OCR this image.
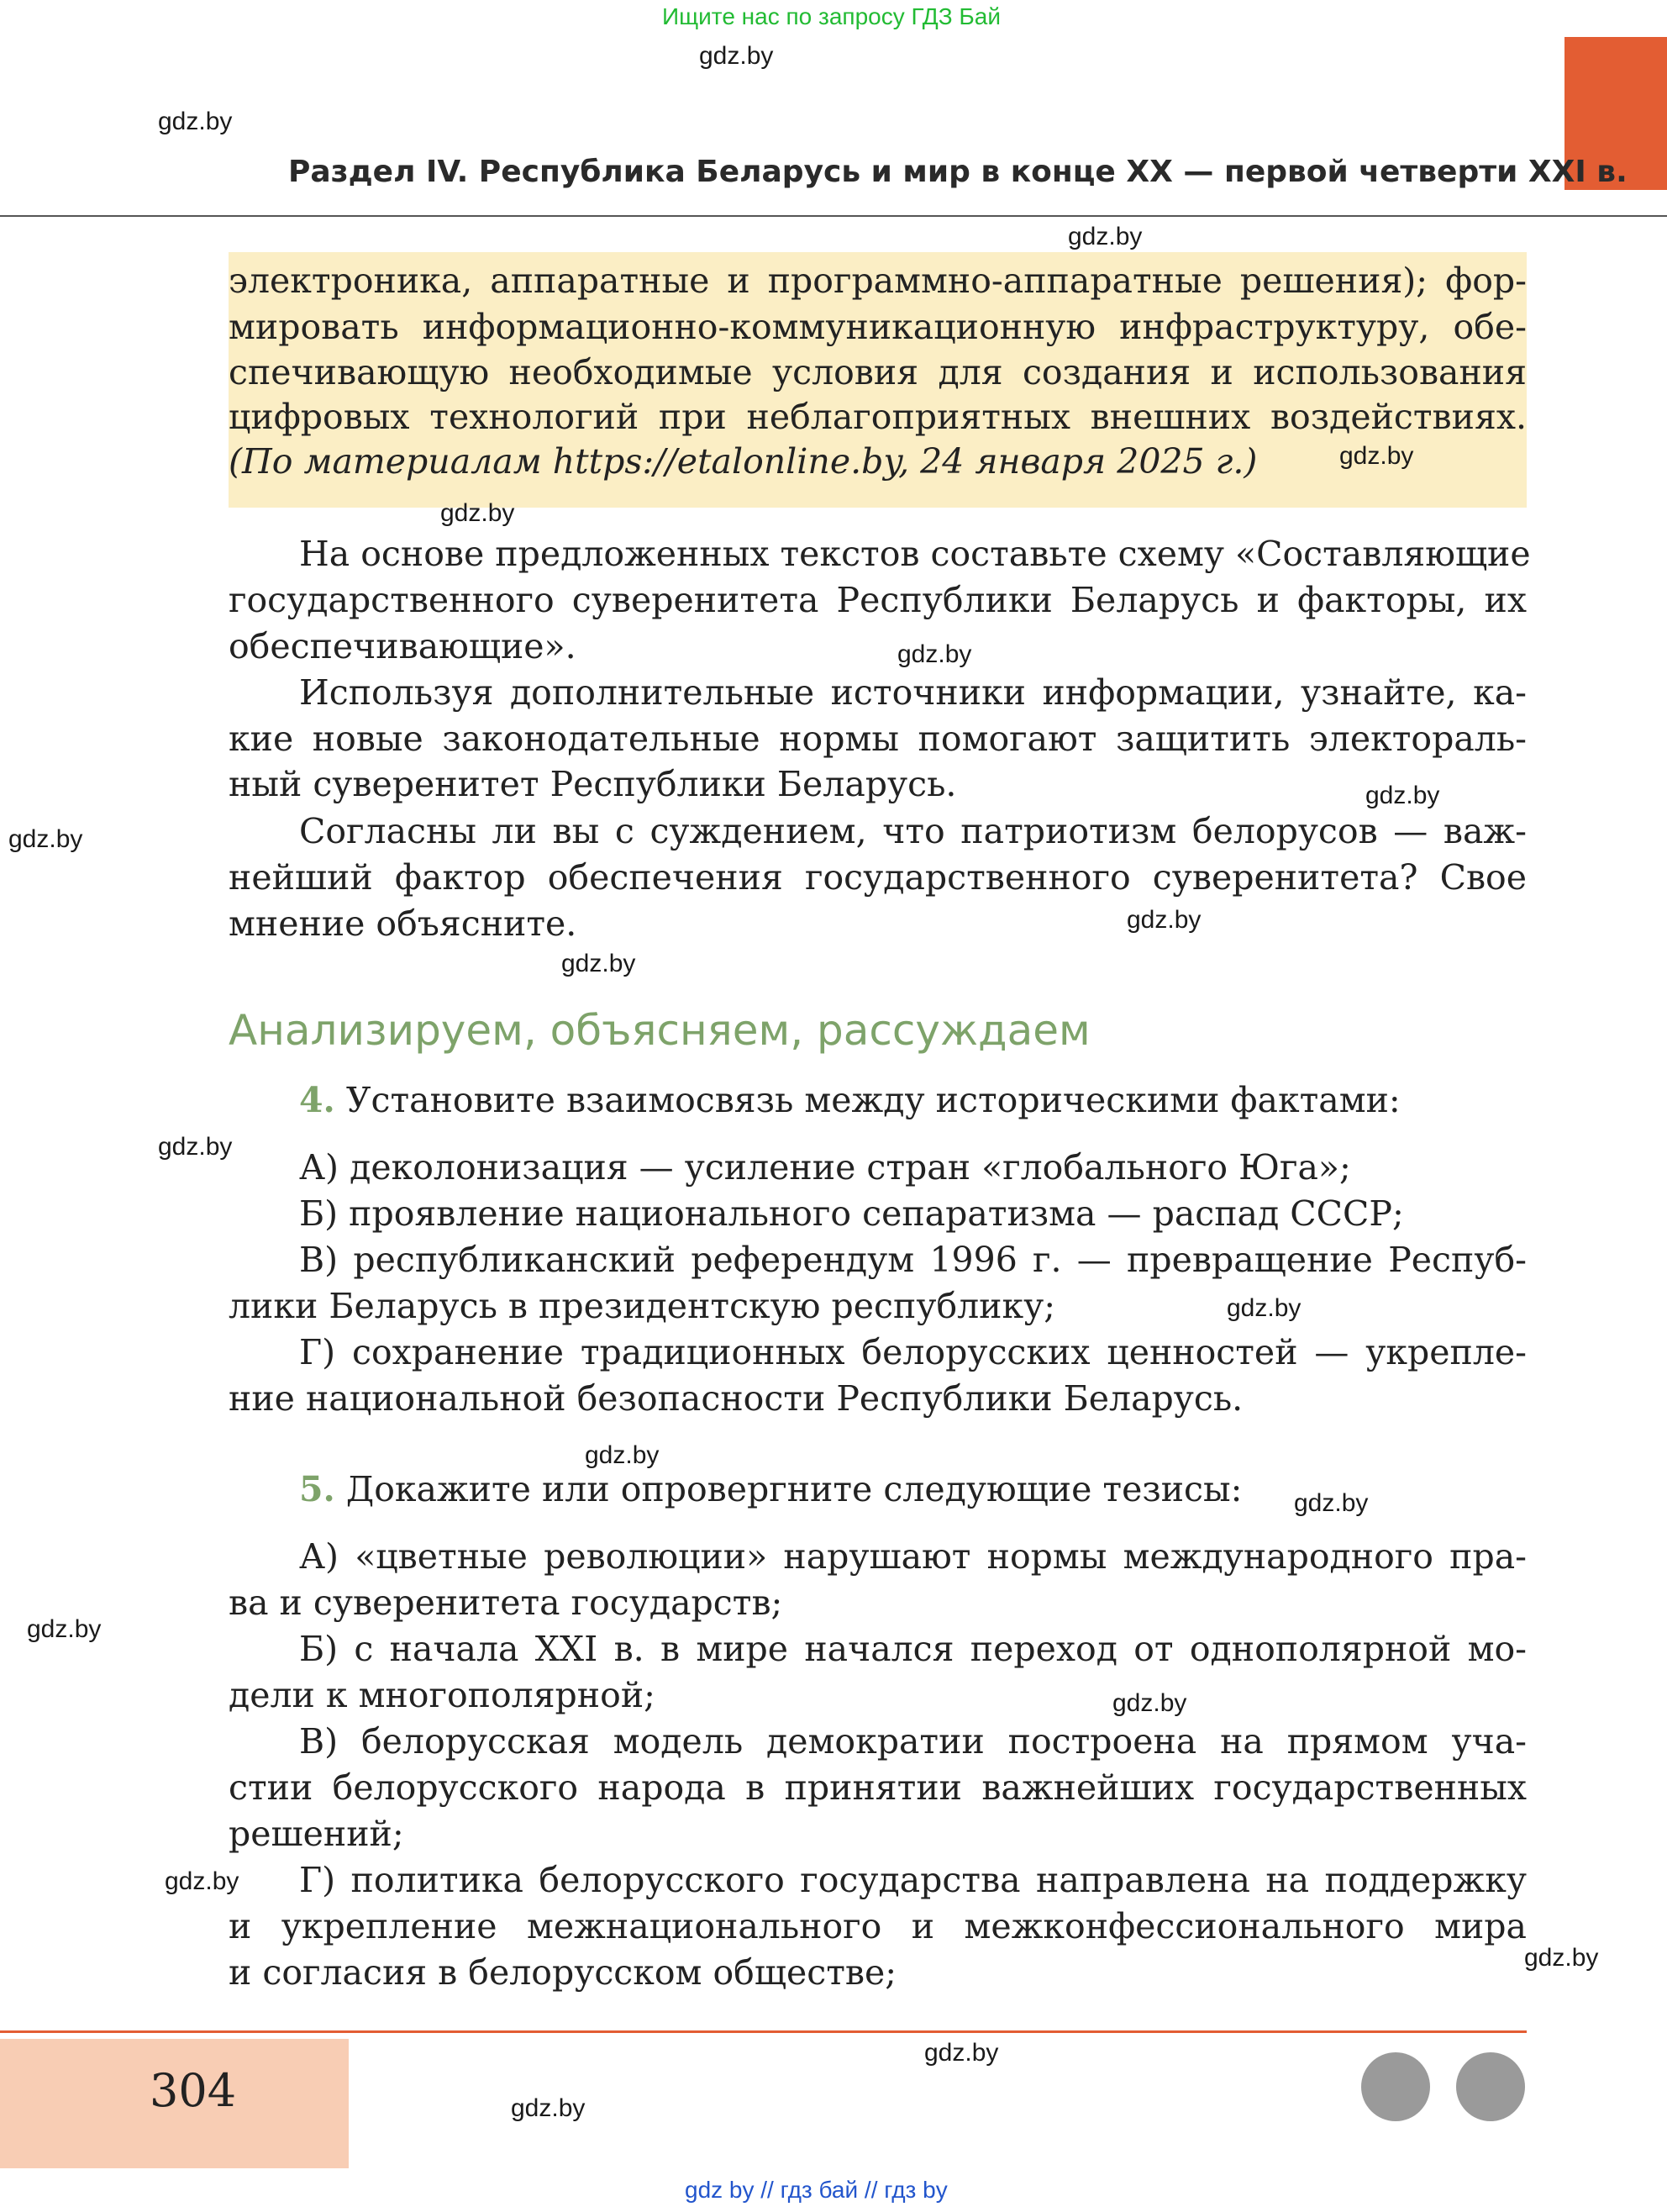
Ищите нас по запросу ГДЗ Бай
Раздел IV. Республика Беларусь и мир в конце XX — первой четверти XXI в.
электроника, аппаратные и программно-аппаратные решения); фор-
мировать информационно-коммуникационную инфраструктуру, обе-
спечивающую необходимые условия для создания и использования
цифровых технологий при неблагоприятных внешних воздействиях.
(По материалам https://etalonline.by, 24 января 2025 г.)
На основе предложенных текстов составьте схему «Составляющие
государственного суверенитета Республики Беларусь и факторы, их
обеспечивающие».
Используя дополнительные источники информации, узнайте, ка-
кие новые законодательные нормы помогают защитить электораль-
ный суверенитет Республики Беларусь.
Согласны ли вы с суждением, что патриотизм белорусов — важ-
нейший фактор обеспечения государственного суверенитета? Свое
мнение объясните.
Анализируем, объясняем, рассуждаем
4. Установите взаимосвязь между историческими фактами:
А) деколонизация — усиление стран «глобального Юга»;
Б) проявление национального сепаратизма — распад СССР;
В) республиканский референдум 1996 г. — превращение Респуб-
лики Беларусь в президентскую республику;
Г) сохранение традиционных белорусских ценностей — укрепле-
ние национальной безопасности Республики Беларусь.
5. Докажите или опровергните следующие тезисы:
А) «цветные революции» нарушают нормы международного пра-
ва и суверенитета государств;
Б) с начала XXI в. в мире начался переход от однополярной мо-
дели к многополярной;
В) белорусская модель демократии построена на прямом уча-
стии белорусского народа в принятии важнейших государственных
решений;
Г) политика белорусского государства направлена на поддержку
и укрепление межнационального и межконфессионального мира
и согласия в белорусском обществе;
304
gdz by // гдз бай // гдз by
gdz.by
gdz.by
gdz.by
gdz.by
gdz.by
gdz.by
gdz.by
gdz.by
gdz.by
gdz.by
gdz.by
gdz.by
gdz.by
gdz.by
gdz.by
gdz.by
gdz.by
gdz.by
gdz.by
gdz.by
